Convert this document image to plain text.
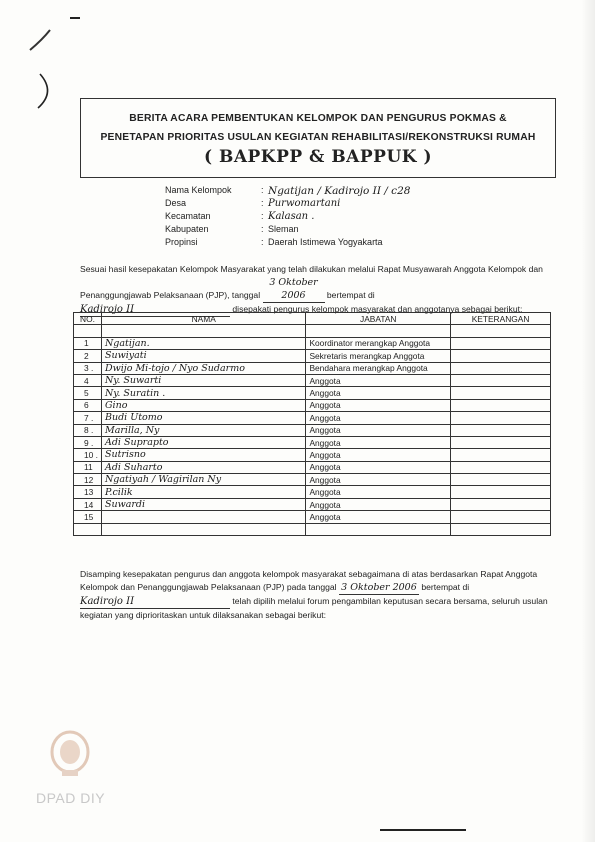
BERITA ACARA PEMBENTUKAN KELOMPOK DAN PENGURUS POKMAS &
PENETAPAN PRIORITAS USULAN KEGIATAN REHABILITASI/REKONSTRUKSI RUMAH
( BAPKPP & BAPPUK )
Nama Kelompok	: Ngatijan / Kadirojo II / c28
Desa	: Purwomartani
Kecamatan	: Kalasan .
Kabupaten	: Sleman
Propinsi	: Daerah Istimewa Yogyakarta
Sesuai hasil kesepakatan Kelompok Masyarakat yang telah dilakukan melalui Rapat Musyawarah Anggota Kelompok dan Penanggungjawab Pelaksanaan (PJP), tanggal 3 Oktober 2006 bertempat di
Kadirojo II	disepakati pengurus kelompok masyarakat dan anggotanya sebagai berikut:
NO.	NAMA	JABATAN	KETERANGAN

1	Ngatijan.	Koordinator merangkap Anggota	
2	Suwiyati	Sekretaris merangkap Anggota	
3 .	Dwijo Mi-tojo / Nyo Sudarmo	Bendahara merangkap Anggota	
4	Ny. Suwarti	Anggota	
5	Ny. Suratin .	Anggota	
6	Gino	Anggota	
7 .	Budi Utomo	Anggota	
8 .	Marilla, Ny	Anggota	
9 .	Adi Suprapto	Anggota	
10 .	Sutrisno	Anggota	
11	Adi Suharto	Anggota	
12	Ngatiyah / Wagirilan Ny	Anggota	
13	P.cilik	Anggota	
14	Suwardi	Anggota	
15		Anggota	

Disamping kesepakatan pengurus dan anggota kelompok masyarakat sebagaimana di atas berdasarkan Rapat Anggota Kelompok dan Penanggungjawab Pelaksanaan (PJP) pada tanggal 3 Oktober 2006 bertempat di
Kadirojo II	telah dipilih melalui forum pengambilan keputusan secara bersama, seluruh usulan kegiatan yang diprioritaskan untuk dilaksanakan sebagai berikut:
DPAD DIY
